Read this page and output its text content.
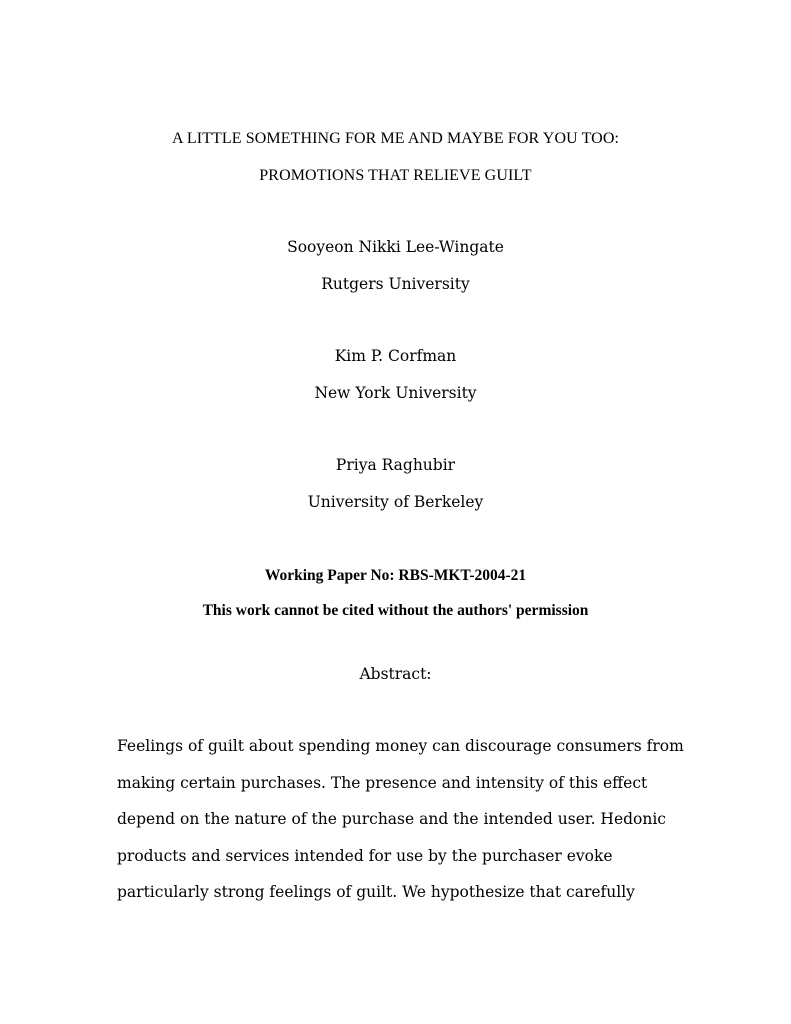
A LITTLE SOMETHING FOR ME AND MAYBE FOR YOU TOO:
PROMOTIONS THAT RELIEVE GUILT
Sooyeon Nikki Lee-Wingate
Rutgers University
Kim P. Corfman
New York University
Priya Raghubir
University of Berkeley
Working Paper No: RBS-MKT-2004-21
This work cannot be cited without the authors' permission
Abstract:
Feelings of guilt about spending money can discourage consumers from
making certain purchases. The presence and intensity of this effect
depend on the nature of the purchase and the intended user. Hedonic
products and services intended for use by the purchaser evoke
particularly strong feelings of guilt. We hypothesize that carefully
